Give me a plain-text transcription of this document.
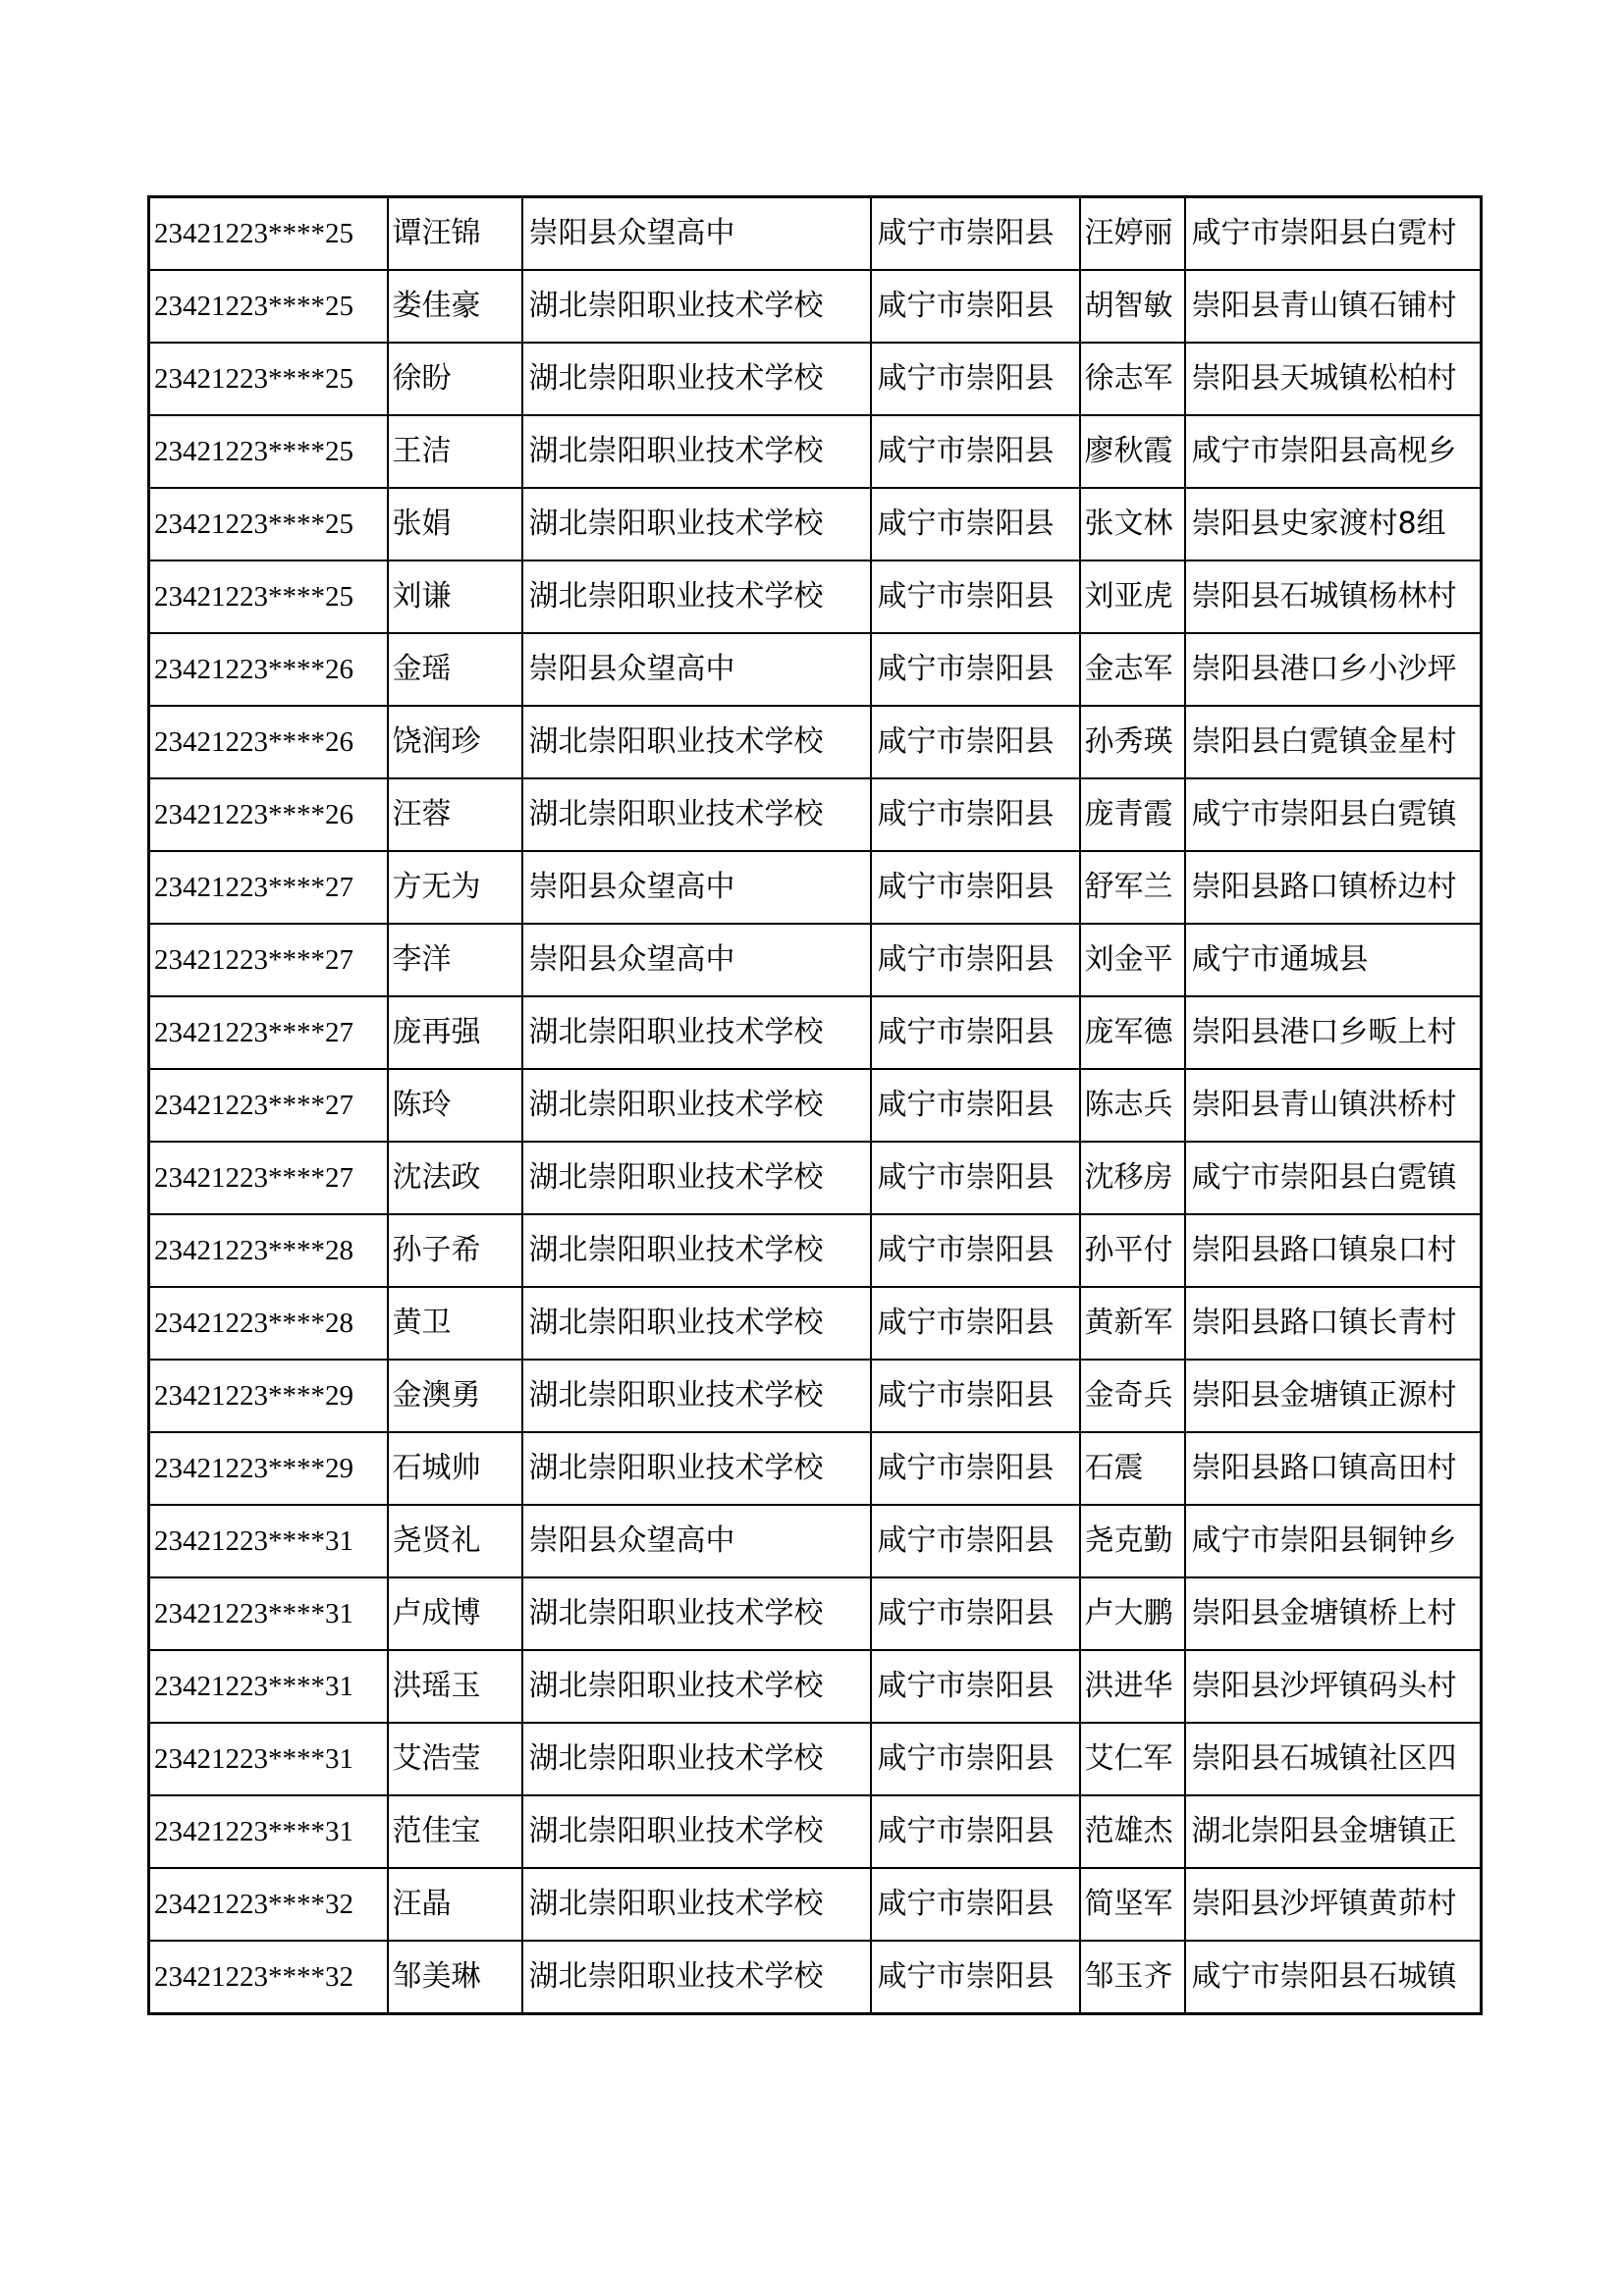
23421223****25	谭汪锦	崇阳县众望高中	咸宁市崇阳县	汪婷丽	咸宁市崇阳县白霓村
23421223****25	娄佳豪	湖北崇阳职业技术学校	咸宁市崇阳县	胡智敏	崇阳县青山镇石铺村
23421223****25	徐盼	湖北崇阳职业技术学校	咸宁市崇阳县	徐志军	崇阳县天城镇松柏村
23421223****25	王洁	湖北崇阳职业技术学校	咸宁市崇阳县	廖秋霞	咸宁市崇阳县高枧乡
23421223****25	张娟	湖北崇阳职业技术学校	咸宁市崇阳县	张文林	崇阳县史家渡村8组
23421223****25	刘谦	湖北崇阳职业技术学校	咸宁市崇阳县	刘亚虎	崇阳县石城镇杨林村
23421223****26	金瑶	崇阳县众望高中	咸宁市崇阳县	金志军	崇阳县港口乡小沙坪
23421223****26	饶润珍	湖北崇阳职业技术学校	咸宁市崇阳县	孙秀瑛	崇阳县白霓镇金星村
23421223****26	汪蓉	湖北崇阳职业技术学校	咸宁市崇阳县	庞青霞	咸宁市崇阳县白霓镇
23421223****27	方无为	崇阳县众望高中	咸宁市崇阳县	舒军兰	崇阳县路口镇桥边村
23421223****27	李洋	崇阳县众望高中	咸宁市崇阳县	刘金平	咸宁市通城县
23421223****27	庞再强	湖北崇阳职业技术学校	咸宁市崇阳县	庞军德	崇阳县港口乡畈上村
23421223****27	陈玲	湖北崇阳职业技术学校	咸宁市崇阳县	陈志兵	崇阳县青山镇洪桥村
23421223****27	沈法政	湖北崇阳职业技术学校	咸宁市崇阳县	沈移房	咸宁市崇阳县白霓镇
23421223****28	孙子希	湖北崇阳职业技术学校	咸宁市崇阳县	孙平付	崇阳县路口镇泉口村
23421223****28	黄卫	湖北崇阳职业技术学校	咸宁市崇阳县	黄新军	崇阳县路口镇长青村
23421223****29	金澳勇	湖北崇阳职业技术学校	咸宁市崇阳县	金奇兵	崇阳县金塘镇正源村
23421223****29	石城帅	湖北崇阳职业技术学校	咸宁市崇阳县	石震	崇阳县路口镇高田村
23421223****31	尧贤礼	崇阳县众望高中	咸宁市崇阳县	尧克勤	咸宁市崇阳县铜钟乡
23421223****31	卢成博	湖北崇阳职业技术学校	咸宁市崇阳县	卢大鹏	崇阳县金塘镇桥上村
23421223****31	洪瑶玉	湖北崇阳职业技术学校	咸宁市崇阳县	洪进华	崇阳县沙坪镇码头村
23421223****31	艾浩莹	湖北崇阳职业技术学校	咸宁市崇阳县	艾仁军	崇阳县石城镇社区四
23421223****31	范佳宝	湖北崇阳职业技术学校	咸宁市崇阳县	范雄杰	湖北崇阳县金塘镇正
23421223****32	汪晶	湖北崇阳职业技术学校	咸宁市崇阳县	简坚军	崇阳县沙坪镇黄茆村
23421223****32	邹美琳	湖北崇阳职业技术学校	咸宁市崇阳县	邹玉齐	咸宁市崇阳县石城镇
